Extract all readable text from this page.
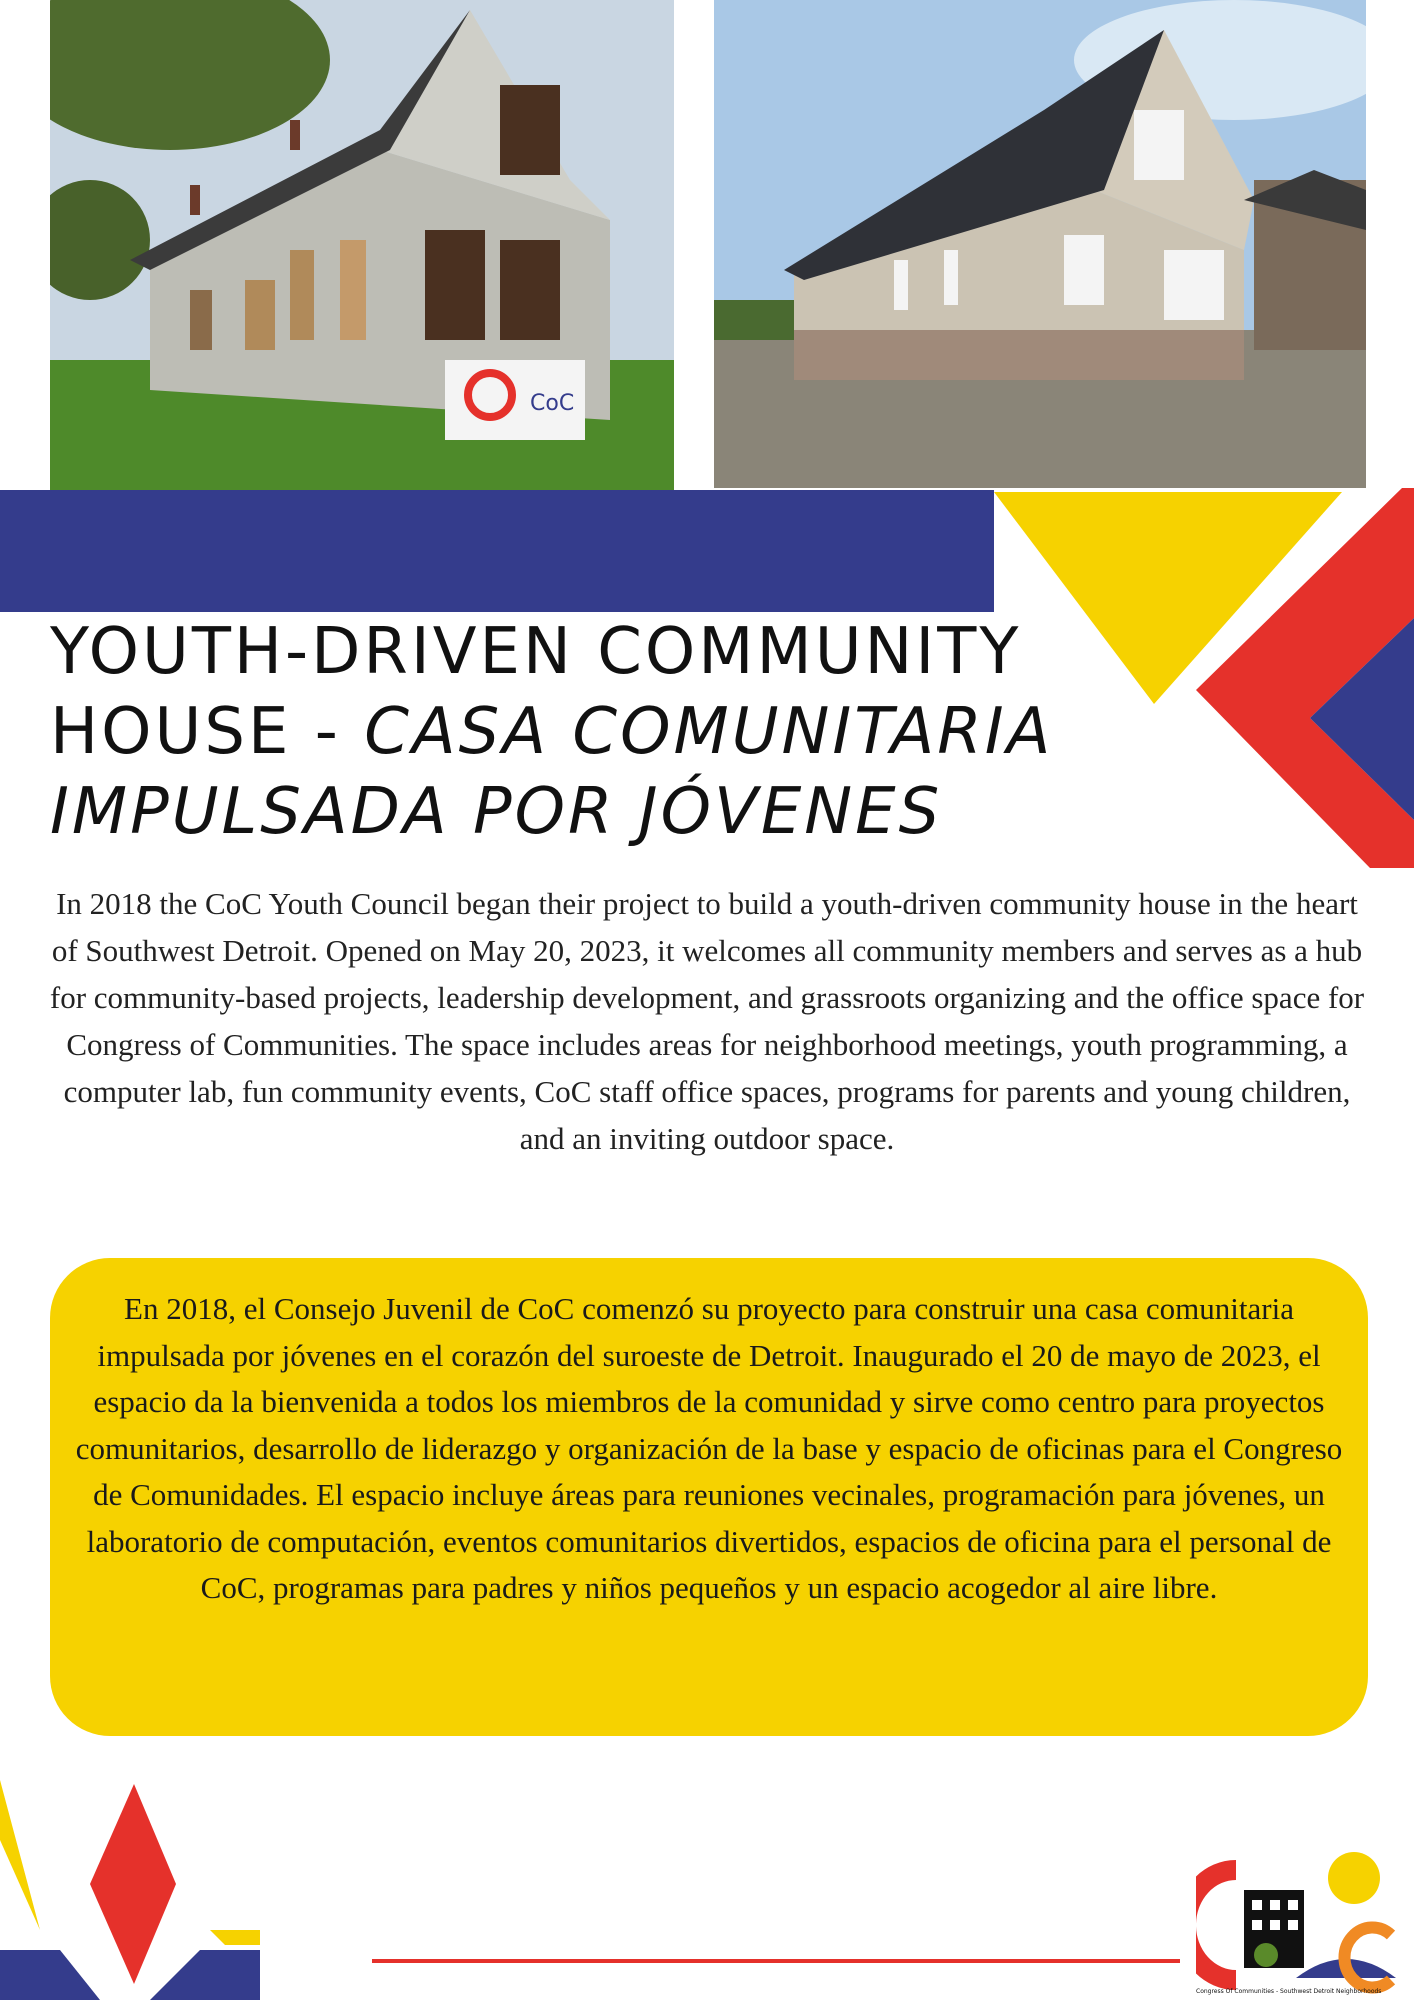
CoC
YOUTH-DRIVEN COMMUNITY HOUSE - CASA COMUNITARIA IMPULSADA POR JÓVENES

In 2018 the CoC Youth Council began their project to build a youth-driven community house in the heart of Southwest Detroit. Opened on May 20, 2023, it welcomes all community members and serves as a hub for community-based projects, leadership development, and grassroots organizing and the office space for Congress of Communities. The space includes areas for neighborhood meetings, youth programming, a computer lab, fun community events, CoC staff office spaces, programs for parents and young children, and an inviting outdoor space.

En 2018, el Consejo Juvenil de CoC comenzó su proyecto para construir una casa comunitaria impulsada por jóvenes en el corazón del suroeste de Detroit. Inaugurado el 20 de mayo de 2023, el espacio da la bienvenida a todos los miembros de la comunidad y sirve como centro para proyectos comunitarios, desarrollo de liderazgo y organización de la base y espacio de oficinas para el Congreso de Comunidades. El espacio incluye áreas para reuniones vecinales, programación para jóvenes, un laboratorio de computación, eventos comunitarios divertidos, espacios de oficina para el personal de CoC, programas para padres y niños pequeños y un espacio acogedor al aire libre.

Congress Of Communities - Southwest Detroit Neighborhoods
